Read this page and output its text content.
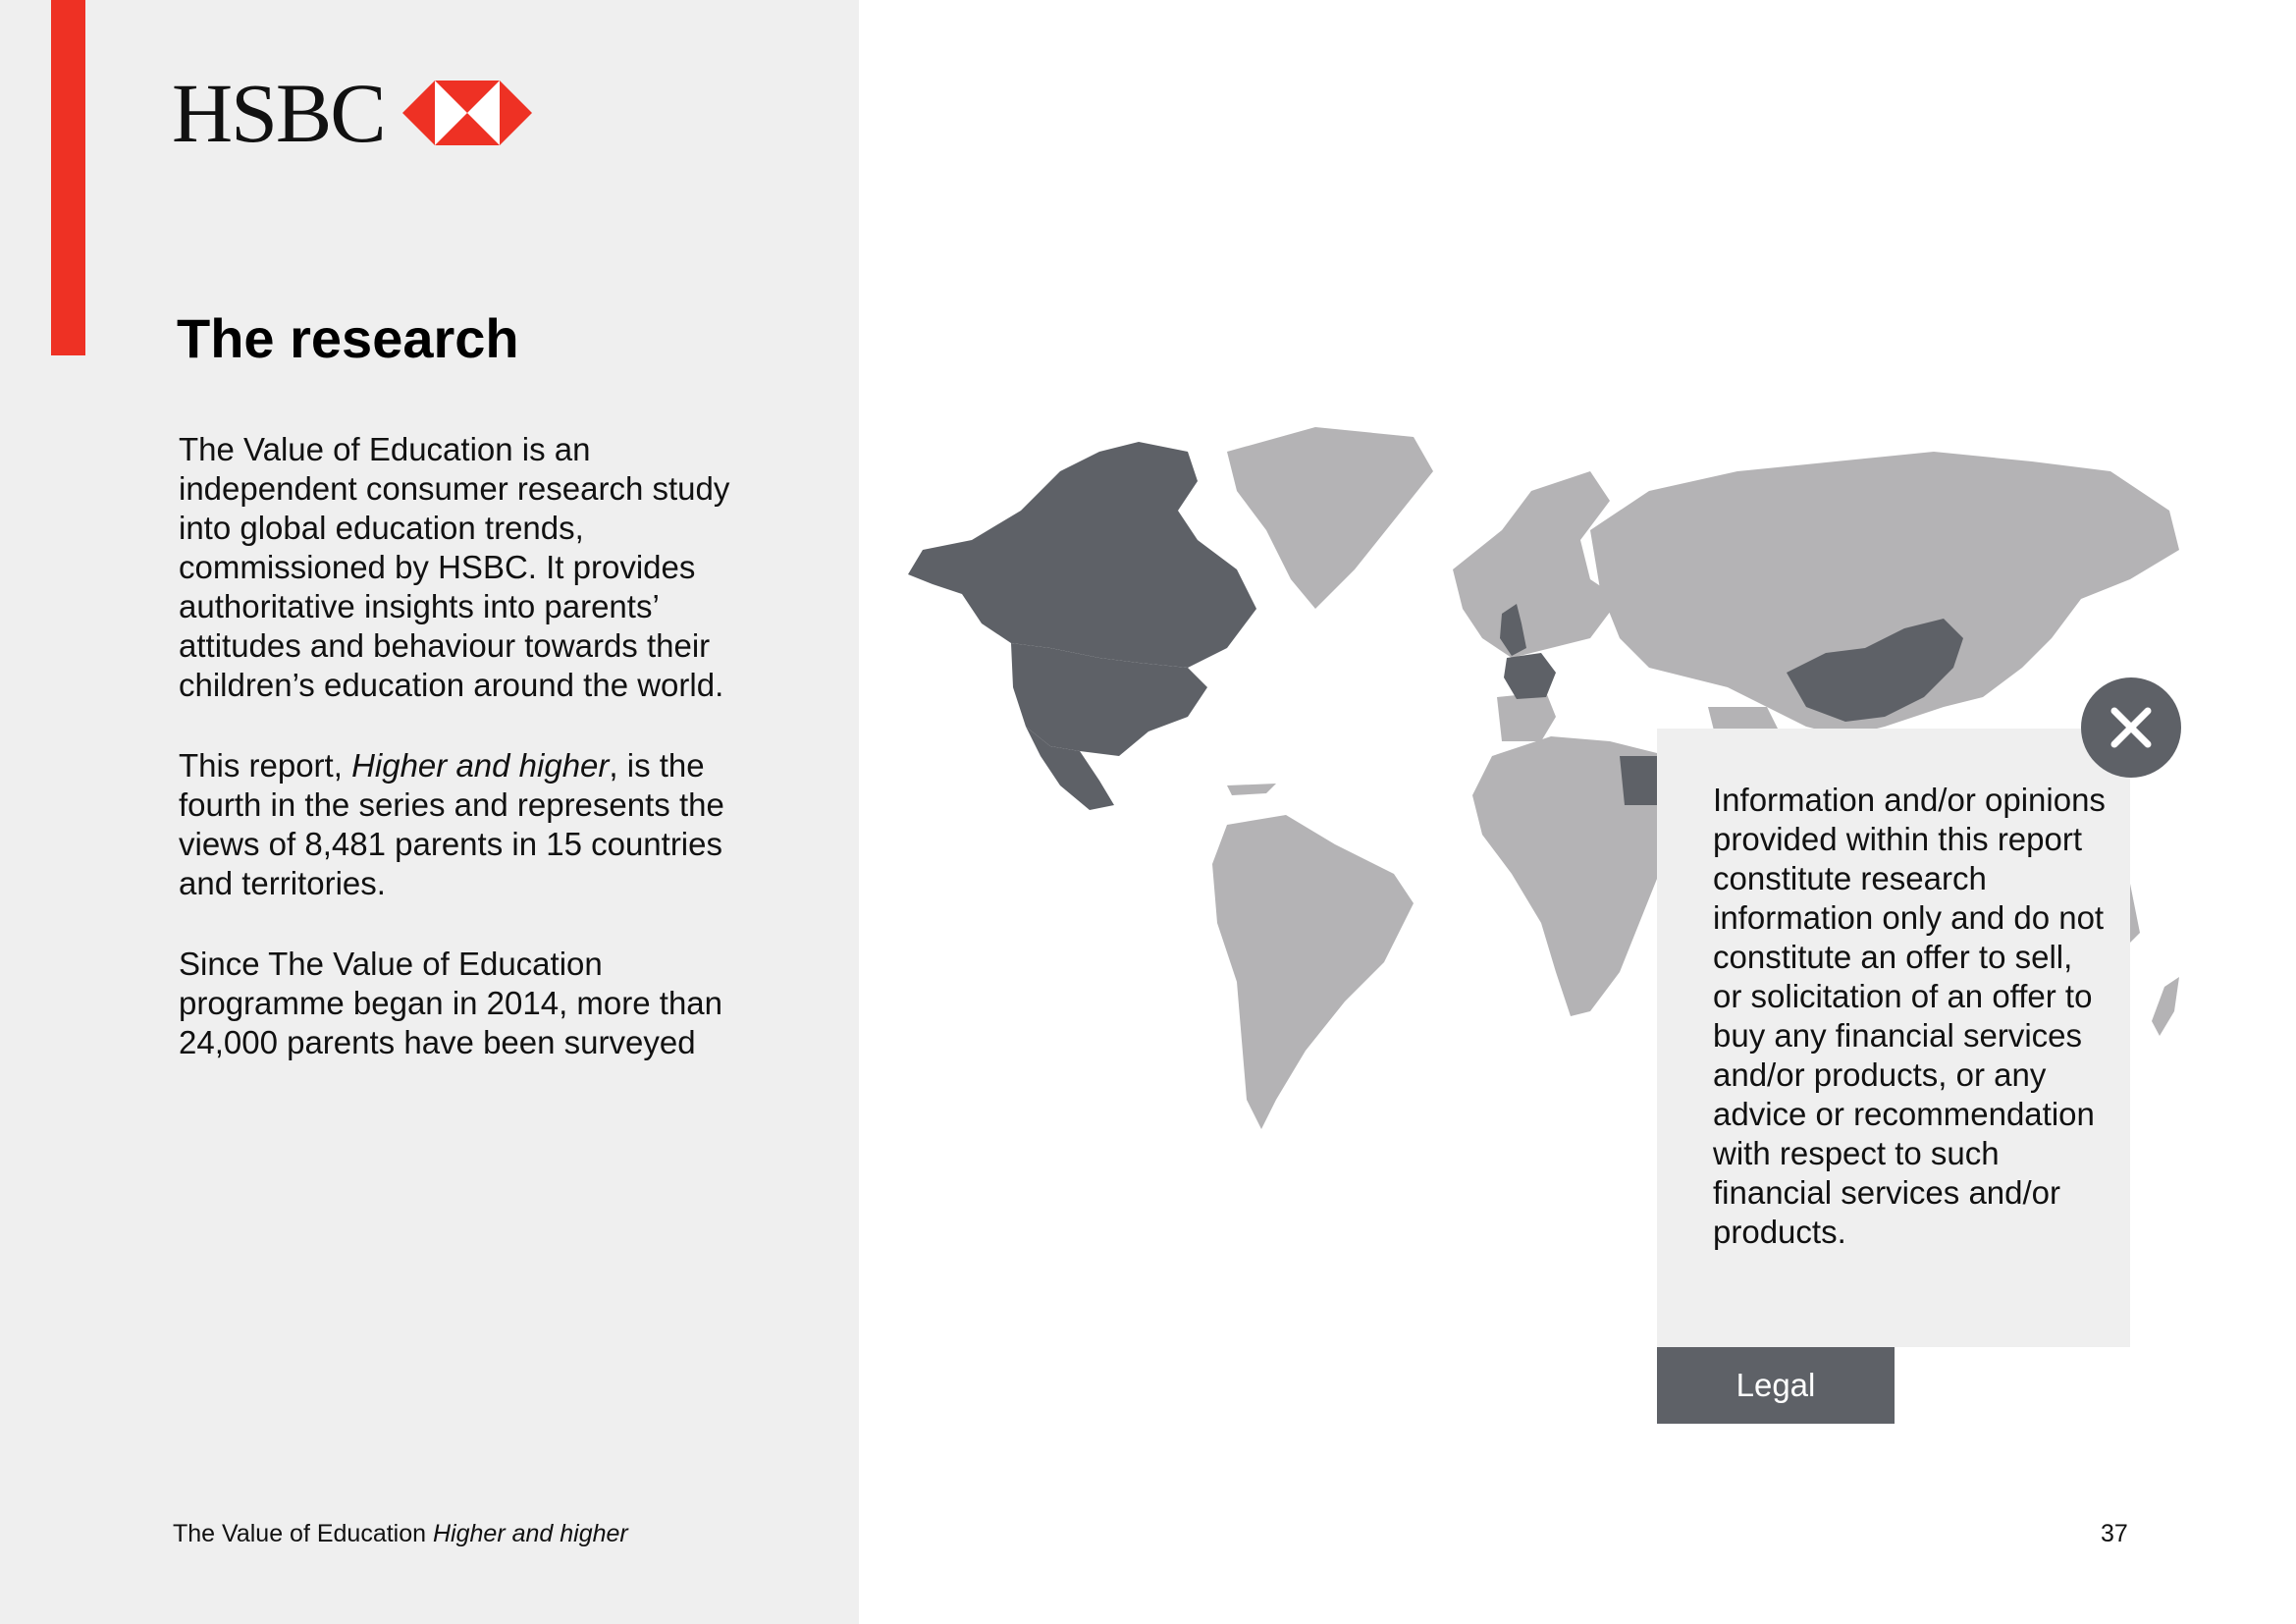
HSBC
The research

The Value of Education is an independent consumer research study into global education trends, commissioned by HSBC. It provides authoritative insights into parents’ attitudes and behaviour towards their children’s education around the world.

This report, Higher and higher, is the fourth in the series and represents the views of 8,481 parents in 15 countries and territories.

Since The Value of Education programme began in 2014, more than 24,000 parents have been surveyed

Information and/or opinions provided within this report constitute research information only and do not constitute an offer to sell, or solicitation of an offer to buy any financial services and/or products, or any advice or recommendation with respect to such financial services and/or products.
Legal
The Value of Education Higher and higher	37
